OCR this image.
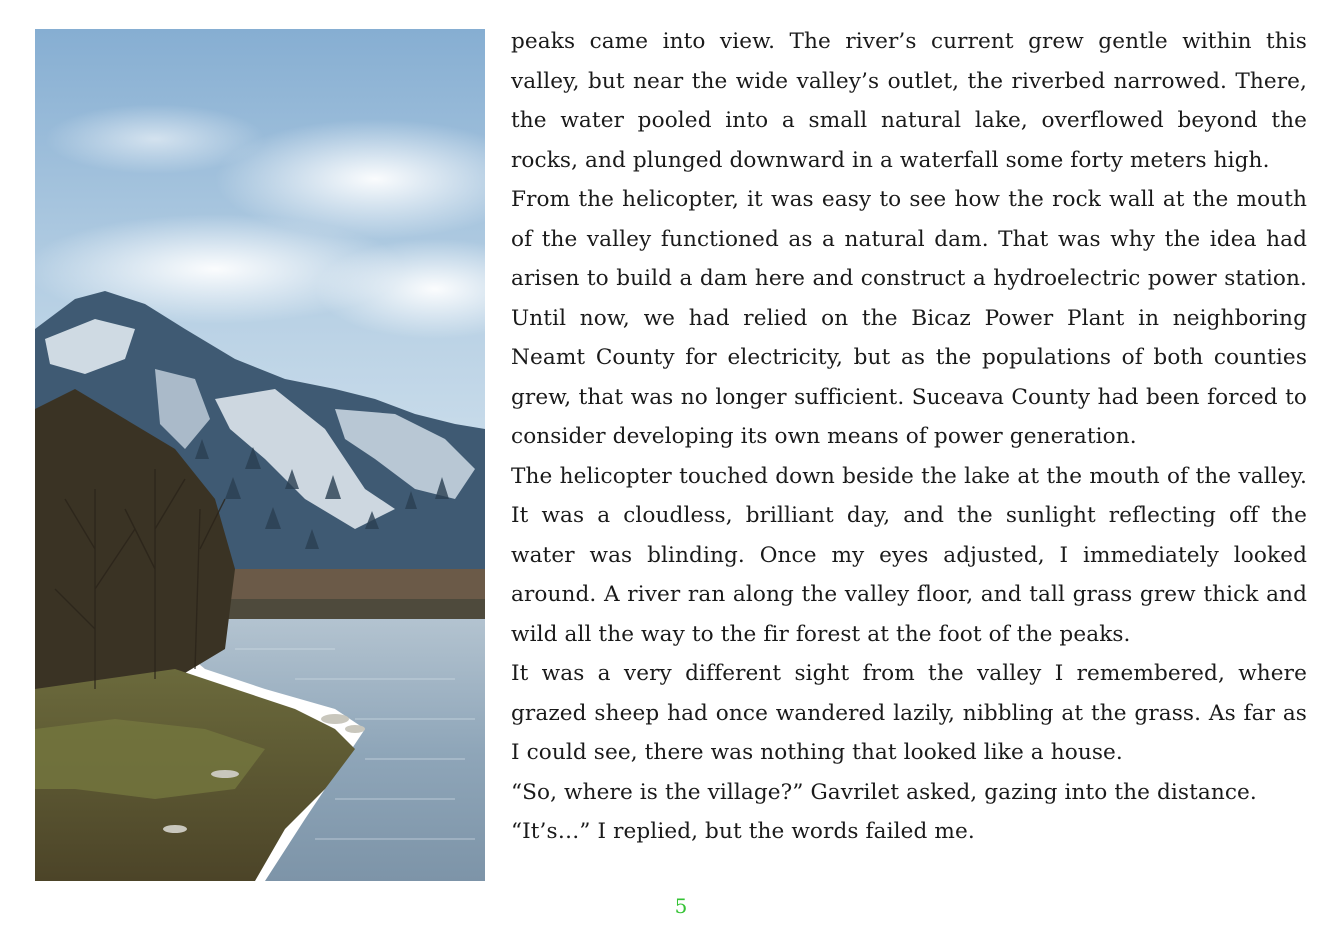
peaks came into view. The river’s current grew gentle within this valley, but near the wide valley’s outlet, the riverbed narrowed. There, the water pooled into a small natural lake, overflowed beyond the rocks, and plunged downward in a waterfall some forty meters high.

From the helicopter, it was easy to see how the rock wall at the mouth of the valley functioned as a natural dam. That was why the idea had arisen to build a dam here and construct a hydroelectric power station. Until now, we had relied on the Bicaz Power Plant in neighboring Neamt County for electricity, but as the populations of both counties grew, that was no longer sufficient. Suceava County had been forced to consider developing its own means of power generation.

The helicopter touched down beside the lake at the mouth of the valley. It was a cloudless, brilliant day, and the sunlight reflecting off the water was blinding. Once my eyes adjusted, I immediately looked around. A river ran along the valley floor, and tall grass grew thick and wild all the way to the fir forest at the foot of the peaks.

It was a very different sight from the valley I remembered, where grazed sheep had once wandered lazily, nibbling at the grass. As far as I could see, there was nothing that looked like a house.

“So, where is the village?” Gavrilet asked, gazing into the distance.

“It’s…” I replied, but the words failed me.

5
